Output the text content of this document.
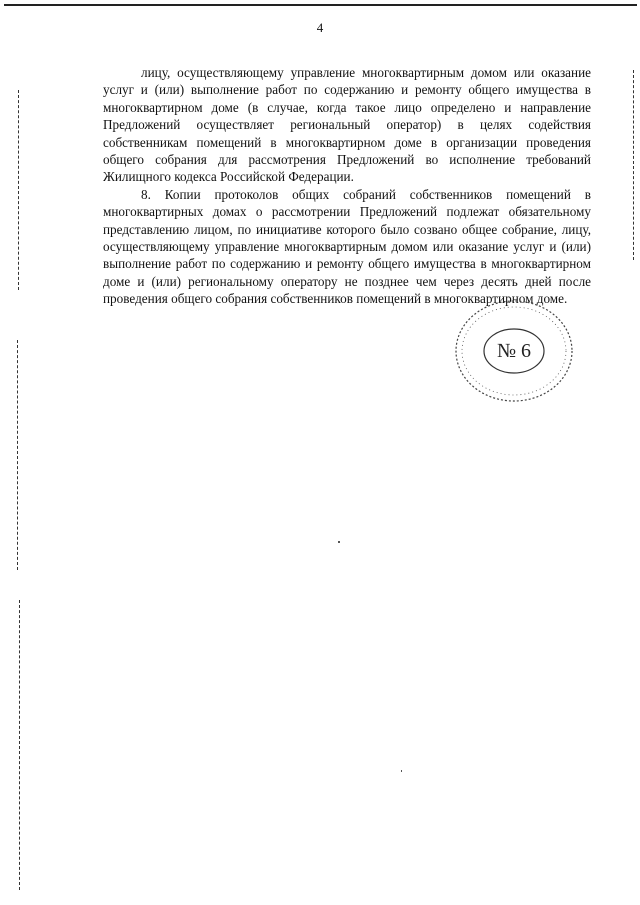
4

лицу, осуществляющему управление многоквартирным домом или оказание услуг и (или) выполнение работ по содержанию и ремонту общего имущества в многоквартирном доме (в случае, когда такое лицо определено и направление Предложений осуществляет региональный оператор) в целях содействия собственникам помещений в многоквартирном доме в организации проведения общего собрания для рассмотрения Предложений во исполнение требований Жилищного кодекса Российской Федерации.

8. Копии протоколов общих собраний собственников помещений в многоквартирных домах о рассмотрении Предложений подлежат обязательному представлению лицом, по инициативе которого было созвано общее собрание, лицу, осуществляющему управление многоквартирным домом или оказание услуг и (или) выполнение работ по содержанию и ремонту общего имущества в многоквартирном доме и (или) региональному оператору не позднее чем через десять дней после проведения общего собрания собственников помещений в многоквартирном доме.

№ 6
